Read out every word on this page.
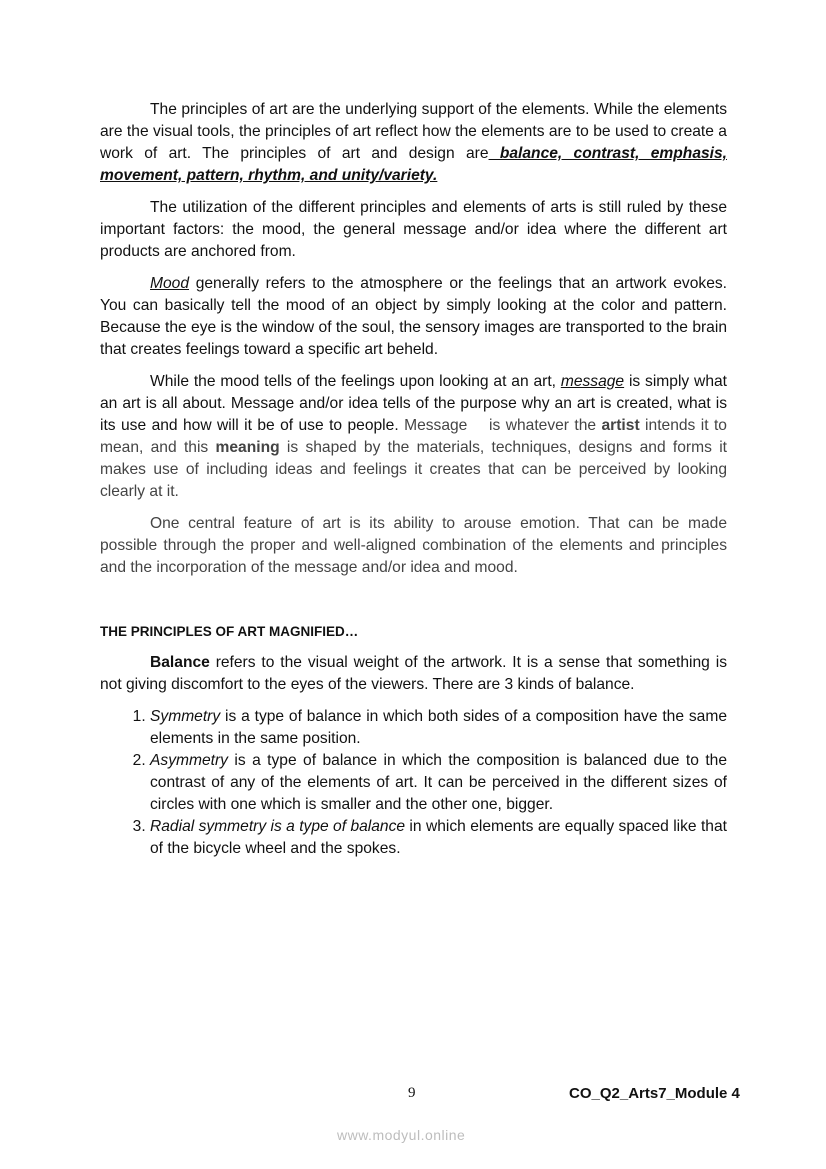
The principles of art are the underlying support of the elements. While the elements are the visual tools, the principles of art reflect how the elements are to be used to create a work of art. The principles of art and design are balance, contrast, emphasis, movement, pattern, rhythm, and unity/variety.

The utilization of the different principles and elements of arts is still ruled by these important factors: the mood, the general message and/or idea where the different art products are anchored from.

Mood generally refers to the atmosphere or the feelings that an artwork evokes. You can basically tell the mood of an object by simply looking at the color and pattern. Because the eye is the window of the soul, the sensory images are transported to the brain that creates feelings toward a specific art beheld.

While the mood tells of the feelings upon looking at an art, message is simply what an art is all about. Message and/or idea tells of the purpose why an art is created, what is its use and how will it be of use to people. Message    is whatever the artist intends it to mean, and this meaning is shaped by the materials, techniques, designs and forms it makes use of including ideas and feelings it creates that can be perceived by looking clearly at it.

One central feature of art is its ability to arouse emotion. That can be made possible through the proper and well-aligned combination of the elements and principles and the incorporation of the message and/or idea and mood.

THE PRINCIPLES OF ART MAGNIFIED…

Balance refers to the visual weight of the artwork. It is a sense that something is not giving discomfort to the eyes of the viewers. There are 3 kinds of balance.

1. Symmetry is a type of balance in which both sides of a composition have the same elements in the same position.
2. Asymmetry is a type of balance in which the composition is balanced due to the contrast of any of the elements of art. It can be perceived in the different sizes of circles with one which is smaller and the other one, bigger.
3. Radial symmetry is a type of balance in which elements are equally spaced like that of the bicycle wheel and the spokes.
9	CO_Q2_Arts7_Module 4
www.modyul.online
